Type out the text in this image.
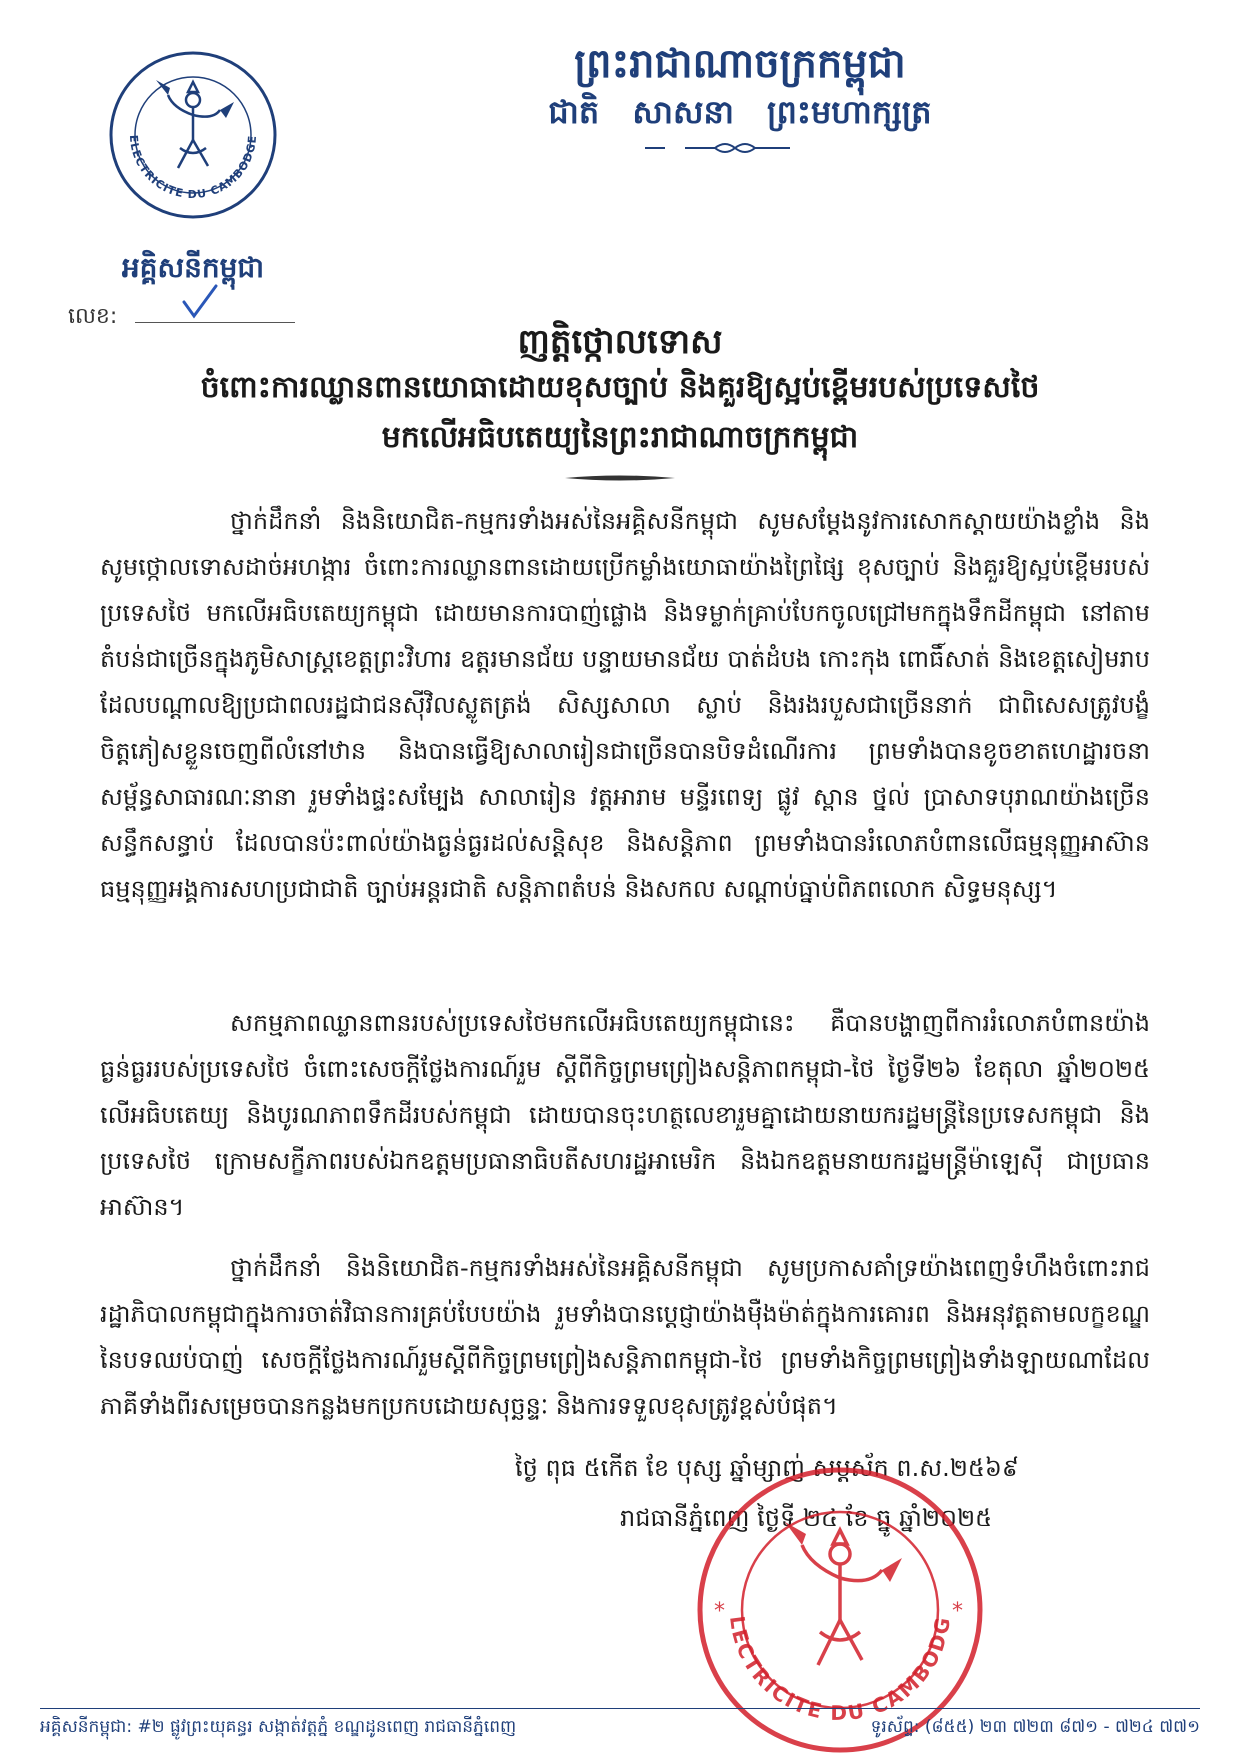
ELECTRICITE DU CAMBODGE
អគ្គិសនីកម្ពុជា
លេខ:
ព្រះរាជាណាចក្រកម្ពុជា
ជាតិ សាសនា ព្រះមហាក្សត្រ
ញត្តិថ្កោលទោស
ចំពោះការឈ្លានពានយោធាដោយខុសច្បាប់ និងគួរឱ្យស្អប់ខ្ពើមរបស់ប្រទេសថៃ
មកលើអធិបតេយ្យនៃព្រះរាជាណាចក្រកម្ពុជា
ថ្នាក់ដឹកនាំ និងនិយោជិត-កម្មករទាំងអស់នៃអគ្គិសនីកម្ពុជា សូមសម្តែងនូវការសោកស្តាយយ៉ាងខ្លាំង និងសូមថ្កោលទោសដាច់អហង្ការ ចំពោះការឈ្លានពានដោយប្រើកម្លាំងយោធាយ៉ាងព្រៃផ្សៃ ខុសច្បាប់ និងគួរឱ្យស្អប់ខ្ពើមរបស់ប្រទេសថៃ មកលើអធិបតេយ្យកម្ពុជា ដោយមានការបាញ់ផ្លោង និងទម្លាក់គ្រាប់បែកចូលជ្រៅមកក្នុងទឹកដីកម្ពុជា នៅតាមតំបន់ជាច្រើនក្នុងភូមិសាស្ត្រខេត្តព្រះវិហារ ឧត្តរមានជ័យ បន្ទាយមានជ័យ បាត់ដំបង កោះកុង ពោធិ៍សាត់ និងខេត្តសៀមរាប ដែលបណ្តាលឱ្យប្រជាពលរដ្ឋជាជនស៊ីវិលស្លូតត្រង់ សិស្សសាលា ស្លាប់ និងរងរបួសជាច្រើននាក់ ជាពិសេសត្រូវបង្ខំចិត្តភៀសខ្លួនចេញពីលំនៅឋាន និងបានធ្វើឱ្យសាលារៀនជាច្រើនបានបិទដំណើរការ ព្រមទាំងបានខូចខាតហេដ្ឋារចនាសម្ព័ន្ធសាធារណៈនានា រួមទាំងផ្ទះសម្បែង សាលារៀន វត្តអារាម មន្ទីរពេទ្យ ផ្លូវ ស្ពាន ថ្នល់ ប្រាសាទបុរាណយ៉ាងច្រើនសន្ធឹកសន្ធាប់ ដែលបានប៉ះពាល់យ៉ាងធ្ងន់ធ្ងរដល់សន្តិសុខ និងសន្តិភាព ព្រមទាំងបានរំលោភបំពានលើធម្មនុញ្ញអាស៊ាន ធម្មនុញ្ញអង្គការសហប្រជាជាតិ ច្បាប់អន្តរជាតិ សន្តិភាពតំបន់ និងសកល សណ្តាប់ធ្នាប់ពិភពលោក សិទ្ធមនុស្ស។
សកម្មភាពឈ្លានពានរបស់ប្រទេសថៃមកលើអធិបតេយ្យកម្ពុជានេះ គឺបានបង្ហាញពីការរំលោភបំពានយ៉ាងធ្ងន់ធ្ងររបស់ប្រទេសថៃ ចំពោះសេចក្តីថ្លែងការណ៍រួម ស្តីពីកិច្ចព្រមព្រៀងសន្តិភាពកម្ពុជា-ថៃ ថ្ងៃទី២៦ ខែតុលា ឆ្នាំ២០២៥ លើអធិបតេយ្យ និងបូរណភាពទឹកដីរបស់កម្ពុជា ដោយបានចុះហត្ថលេខារួមគ្នាដោយនាយករដ្ឋមន្ត្រីនៃប្រទេសកម្ពុជា និងប្រទេសថៃ ក្រោមសក្ខីភាពរបស់ឯកឧត្តមប្រធានាធិបតីសហរដ្ឋអាមេរិក និងឯកឧត្តមនាយករដ្ឋមន្ត្រីម៉ាឡេស៊ី ជាប្រធានអាស៊ាន។
ថ្នាក់ដឹកនាំ និងនិយោជិត-កម្មករទាំងអស់នៃអគ្គិសនីកម្ពុជា សូមប្រកាសគាំទ្រយ៉ាងពេញទំហឹងចំពោះរាជរដ្ឋាភិបាលកម្ពុជាក្នុងការចាត់វិធានការគ្រប់បែបយ៉ាង រួមទាំងបានប្តេជ្ញាយ៉ាងម៉ឺងម៉ាត់ក្នុងការគោរព និងអនុវត្តតាមលក្ខខណ្ឌនៃបទឈប់បាញ់ សេចក្តីថ្លែងការណ៍រួមស្តីពីកិច្ចព្រមព្រៀងសន្តិភាពកម្ពុជា-ថៃ ព្រមទាំងកិច្ចព្រមព្រៀងទាំងឡាយណាដែលភាគីទាំងពីរសម្រេចបានកន្លងមកប្រកបដោយសុច្ឆន្ទៈ និងការទទួលខុសត្រូវខ្ពស់បំផុត។
ថ្ងៃ ពុធ ៥កើត ខែ បុស្ស ឆ្នាំម្សាញ់ សប្តស័ក ព.ស.២៥៦៩
រាជធានីភ្នំពេញ ថ្ងៃទី ២៤ ខែ ធ្នូ ឆ្នាំ២០២៥
*	*
LECTRICITE DU CAMBODG
អគ្គិសនីកម្ពុជា: #២ ផ្លូវព្រះយុគន្ធរ សង្កាត់វត្តភ្នំ ខណ្ឌដូនពេញ រាជធានីភ្នំពេញ	ទូរស័ព្ទ: (៨៥៥) ២៣ ៧២៣ ៨៧១ - ៧២៤ ៧៧១
